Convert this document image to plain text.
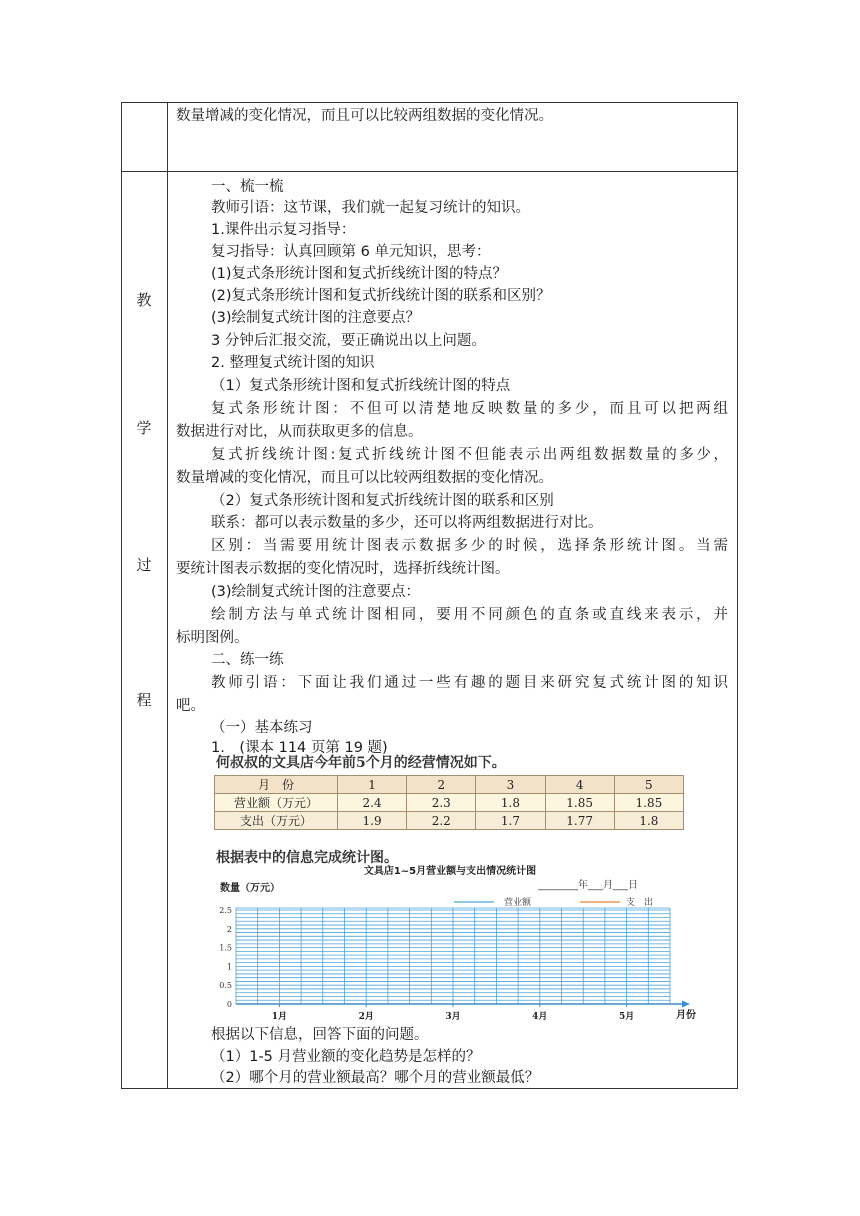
数量增减的变化情况，而且可以比较两组数据的变化情况。
教
学
过
程
一、梳一梳
教师引语：这节课，我们就一起复习统计的知识。
1.课件出示复习指导：
复习指导：认真回顾第 6 单元知识，思考：
(1)复式条形统计图和复式折线统计图的特点？
(2)复式条形统计图和复式折线统计图的联系和区别？
(3)绘制复式统计图的注意要点？
3 分钟后汇报交流，要正确说出以上问题。
2. 整理复式统计图的知识
（1）复式条形统计图和复式折线统计图的特点
复式条形统计图：不但可以清楚地反映数量的多少，而且可以把两组
数据进行对比，从而获取更多的信息。
复式折线统计图:复式折线统计图不但能表示出两组数据数量的多少，
数量增减的变化情况，而且可以比较两组数据的变化情况。
（2）复式条形统计图和复式折线统计图的联系和区别
联系：都可以表示数量的多少，还可以将两组数据进行对比。
区别：当需要用统计图表示数据多少的时候，选择条形统计图。当需
要统计图表示数据的变化情况时，选择折线统计图。
(3)绘制复式统计图的注意要点：
绘制方法与单式统计图相同，要用不同颜色的直条或直线来表示，并
标明图例。
二、练一练
教师引语：下面让我们通过一些有趣的题目来研究复式统计图的知识
吧。
（一）基本练习
1.　(课本 114 页第 19 题)
何叔叔的文具店今年前5个月的经营情况如下。
月　份	1	2	3	4	5
营业额（万元）	2.4	2.3	1.8	1.85	1.85
支出（万元）	1.9	2.2	1.7	1.77	1.8
根据表中的信息完成统计图。
文具店1~5月营业额与支出情况统计图
________年___月___日
数量（万元）
营业额	支　出
0
0.5
1
1.5
2
2.5
1月	2月	3月	4月	5月	月份
根据以下信息，回答下面的问题。
（1）1-5 月营业额的变化趋势是怎样的？
（2）哪个月的营业额最高？哪个月的营业额最低？
